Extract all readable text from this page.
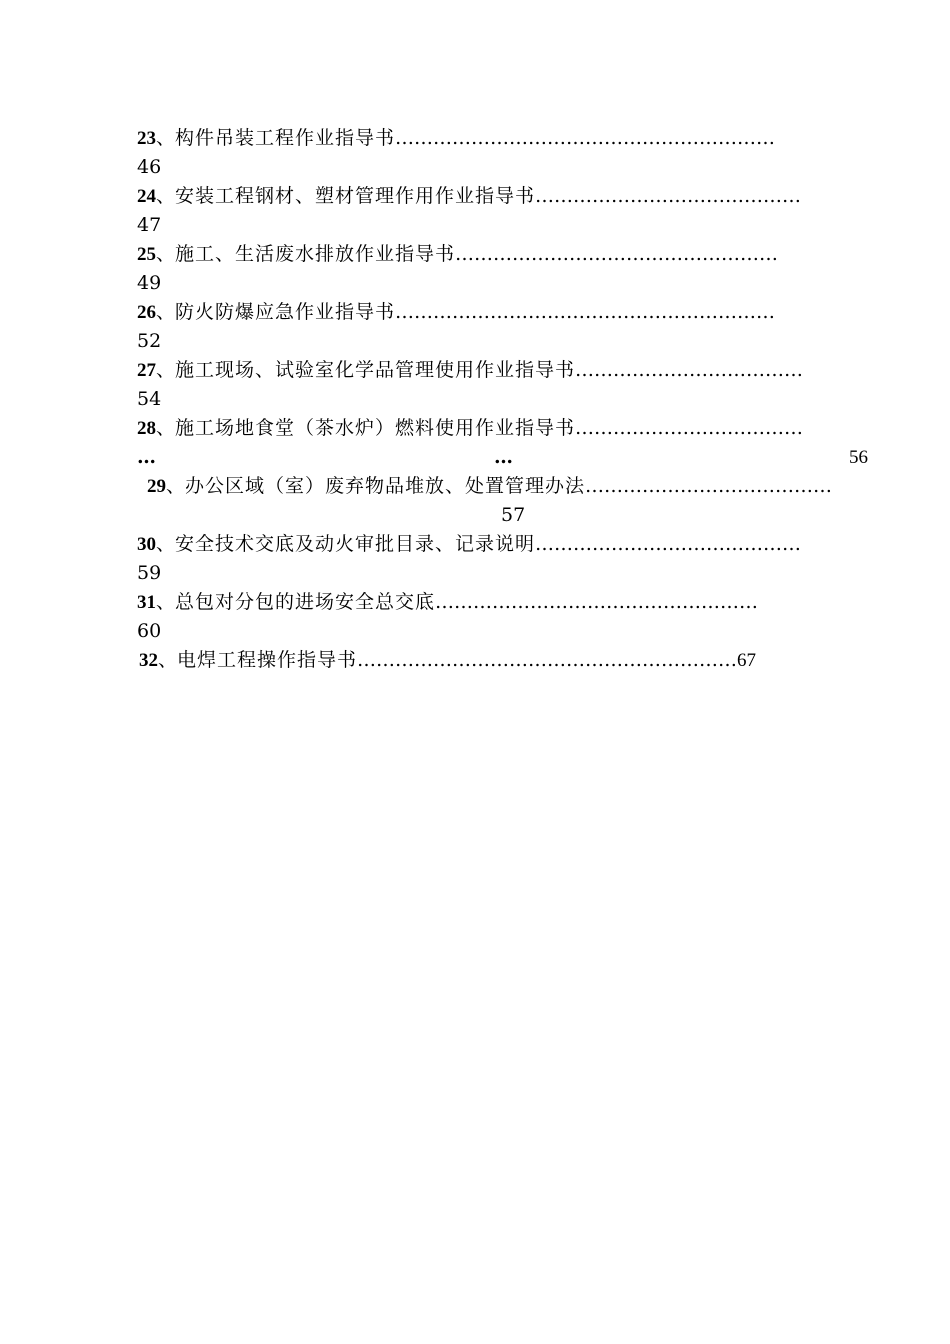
23、构件吊装工程作业指导书……………………………………………………
46
24、安装工程钢材、塑材管理作用作业指导书……………………………………
47
25、施工、生活废水排放作业指导书……………………………………………
49
26、防火防爆应急作业指导书……………………………………………………
52
27、施工现场、试验室化学品管理使用作业指导书………………………………
54
28、施工场地食堂（茶水炉）燃料使用作业指导书………………………………
…	…	56
29、办公区域（室）废弃物品堆放、处置管理办法…………………………………
57
30、安全技术交底及动火审批目录、记录说明……………………………………
59
31、总包对分包的进场安全总交底……………………………………………
60
32、电焊工程操作指导书……………………………………………………67
